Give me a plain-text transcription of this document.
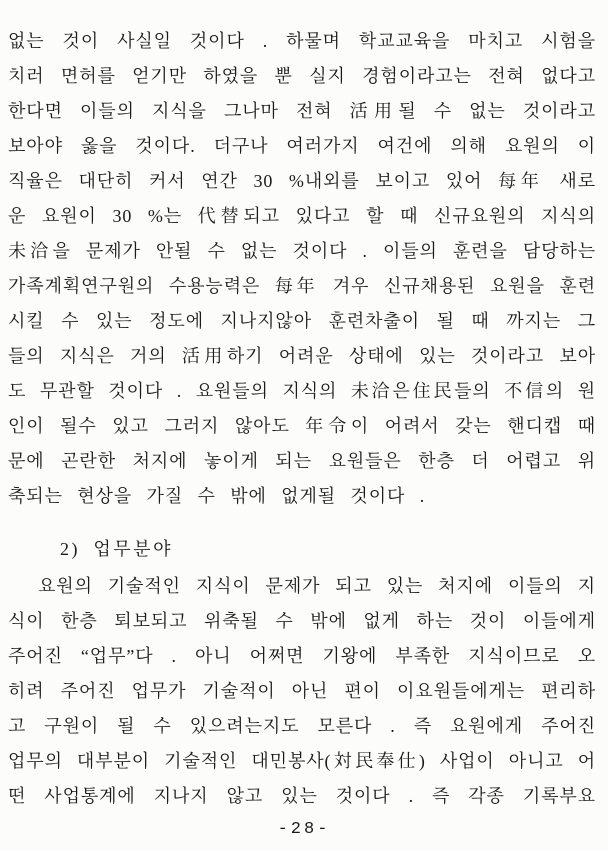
없는 것이 사실일 것이다 . 하물며 학교교육을 마치고 시험을
치러 면허를 얻기만 하였을 뿐 실지 경험이라고는 전혀 없다고
한다면 이들의 지식을 그나마 전혀 活用될 수 없는 것이라고
보아야 옳을 것이다. 더구나 여러가지 여건에 의해 요원의 이
직율은 대단히 커서 연간 30 %내외를 보이고 있어 每年 새로
운 요원이 30 %는 代替되고 있다고 할 때 신규요원의 지식의
未洽을 문제가 안될 수 없는 것이다 . 이들의 훈련을 담당하는
가족계획연구원의 수용능력은 每年 겨우 신규채용된 요원을 훈련
시킬 수 있는 정도에 지나지않아 훈련차출이 될 때 까지는 그
들의 지식은 거의 活用하기 어려운 상태에 있는 것이라고 보아
도 무관할 것이다 . 요원들의 지식의 未洽은住民들의 不信의 원
인이 될수 있고 그러지 않아도 年令이 어려서 갖는 핸디캡 때
문에 곤란한 처지에 놓이게 되는 요원들은 한층 더 어렵고 위
축되는 현상을 가질 수 밖에 없게될 것이다 .
2) 업무분야
요원의 기술적인 지식이 문제가 되고 있는 처지에 이들의 지
식이 한층 퇴보되고 위축될 수 밖에 없게 하는 것이 이들에게
주어진 “업무”다 . 아니 어쩌면 기왕에 부족한 지식이므로 오
히려 주어진 업무가 기술적이 아닌 편이 이요원들에게는 편리하
고 구원이 될 수 있으려는지도 모른다 . 즉 요원에게 주어진
업무의 대부분이 기술적인 대민봉사(対民奉仕) 사업이 아니고 어
떤 사업통계에 지나지 않고 있는 것이다 . 즉 각종 기록부요
-28-
